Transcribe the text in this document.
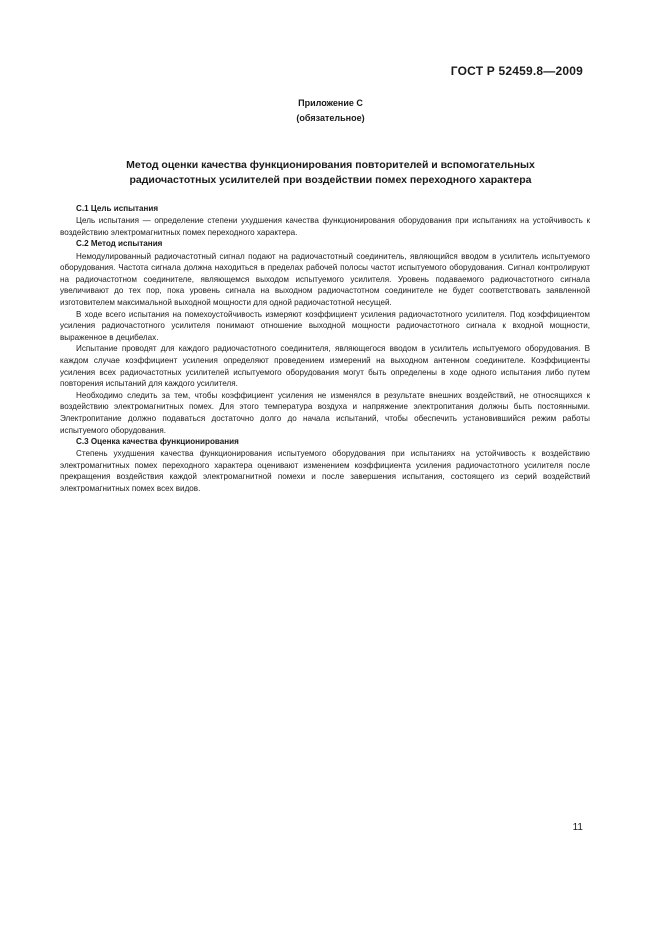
ГОСТ Р 52459.8—2009
Приложение С
(обязательное)
Метод оценки качества функционирования повторителей и вспомогательных
радиочастотных усилителей при воздействии помех переходного характера
С.1 Цель испытания

Цель испытания — определение степени ухудшения качества функционирования оборудования при испытаниях на устойчивость к воздействию электромагнитных помех переходного характера.

С.2 Метод испытания

Немодулированный радиочастотный сигнал подают на радиочастотный соединитель, являющийся вводом в усилитель испытуемого оборудования. Частота сигнала должна находиться в пределах рабочей полосы частот испытуемого оборудования. Сигнал контролируют на радиочастотном соединителе, являющемся выходом испытуемого усилителя. Уровень подаваемого радиочастотного сигнала увеличивают до тех пор, пока уровень сигнала на выходном радиочастотном соединителе не будет соответствовать заявленной изготовителем максимальной выходной мощности для одной радиочастотной несущей.

В ходе всего испытания на помехоустойчивость измеряют коэффициент усиления радиочастотного усилителя. Под коэффициентом усиления радиочастотного усилителя понимают отношение выходной мощности радиочастотного сигнала к входной мощности, выраженное в децибелах.

Испытание проводят для каждого радиочастотного соединителя, являющегося вводом в усилитель испытуемого оборудования. В каждом случае коэффициент усиления определяют проведением измерений на выходном антенном соединителе. Коэффициенты усиления всех радиочастотных усилителей испытуемого оборудования могут быть определены в ходе одного испытания либо путем повторения испытаний для каждого усилителя.

Необходимо следить за тем, чтобы коэффициент усиления не изменялся в результате внешних воздействий, не относящихся к воздействию электромагнитных помех. Для этого температура воздуха и напряжение электропитания должны быть постоянными. Электропитание должно подаваться достаточно долго до начала испытаний, чтобы обеспечить установившийся режим работы испытуемого оборудования.

С.3 Оценка качества функционирования

Степень ухудшения качества функционирования испытуемого оборудования при испытаниях на устойчивость к воздействию электромагнитных помех переходного характера оценивают изменением коэффициента усиления радиочастотного усилителя после прекращения воздействия каждой электромагнитной помехи и после завершения испытания, состоящего из серий воздействий электромагнитных помех всех видов.

11
